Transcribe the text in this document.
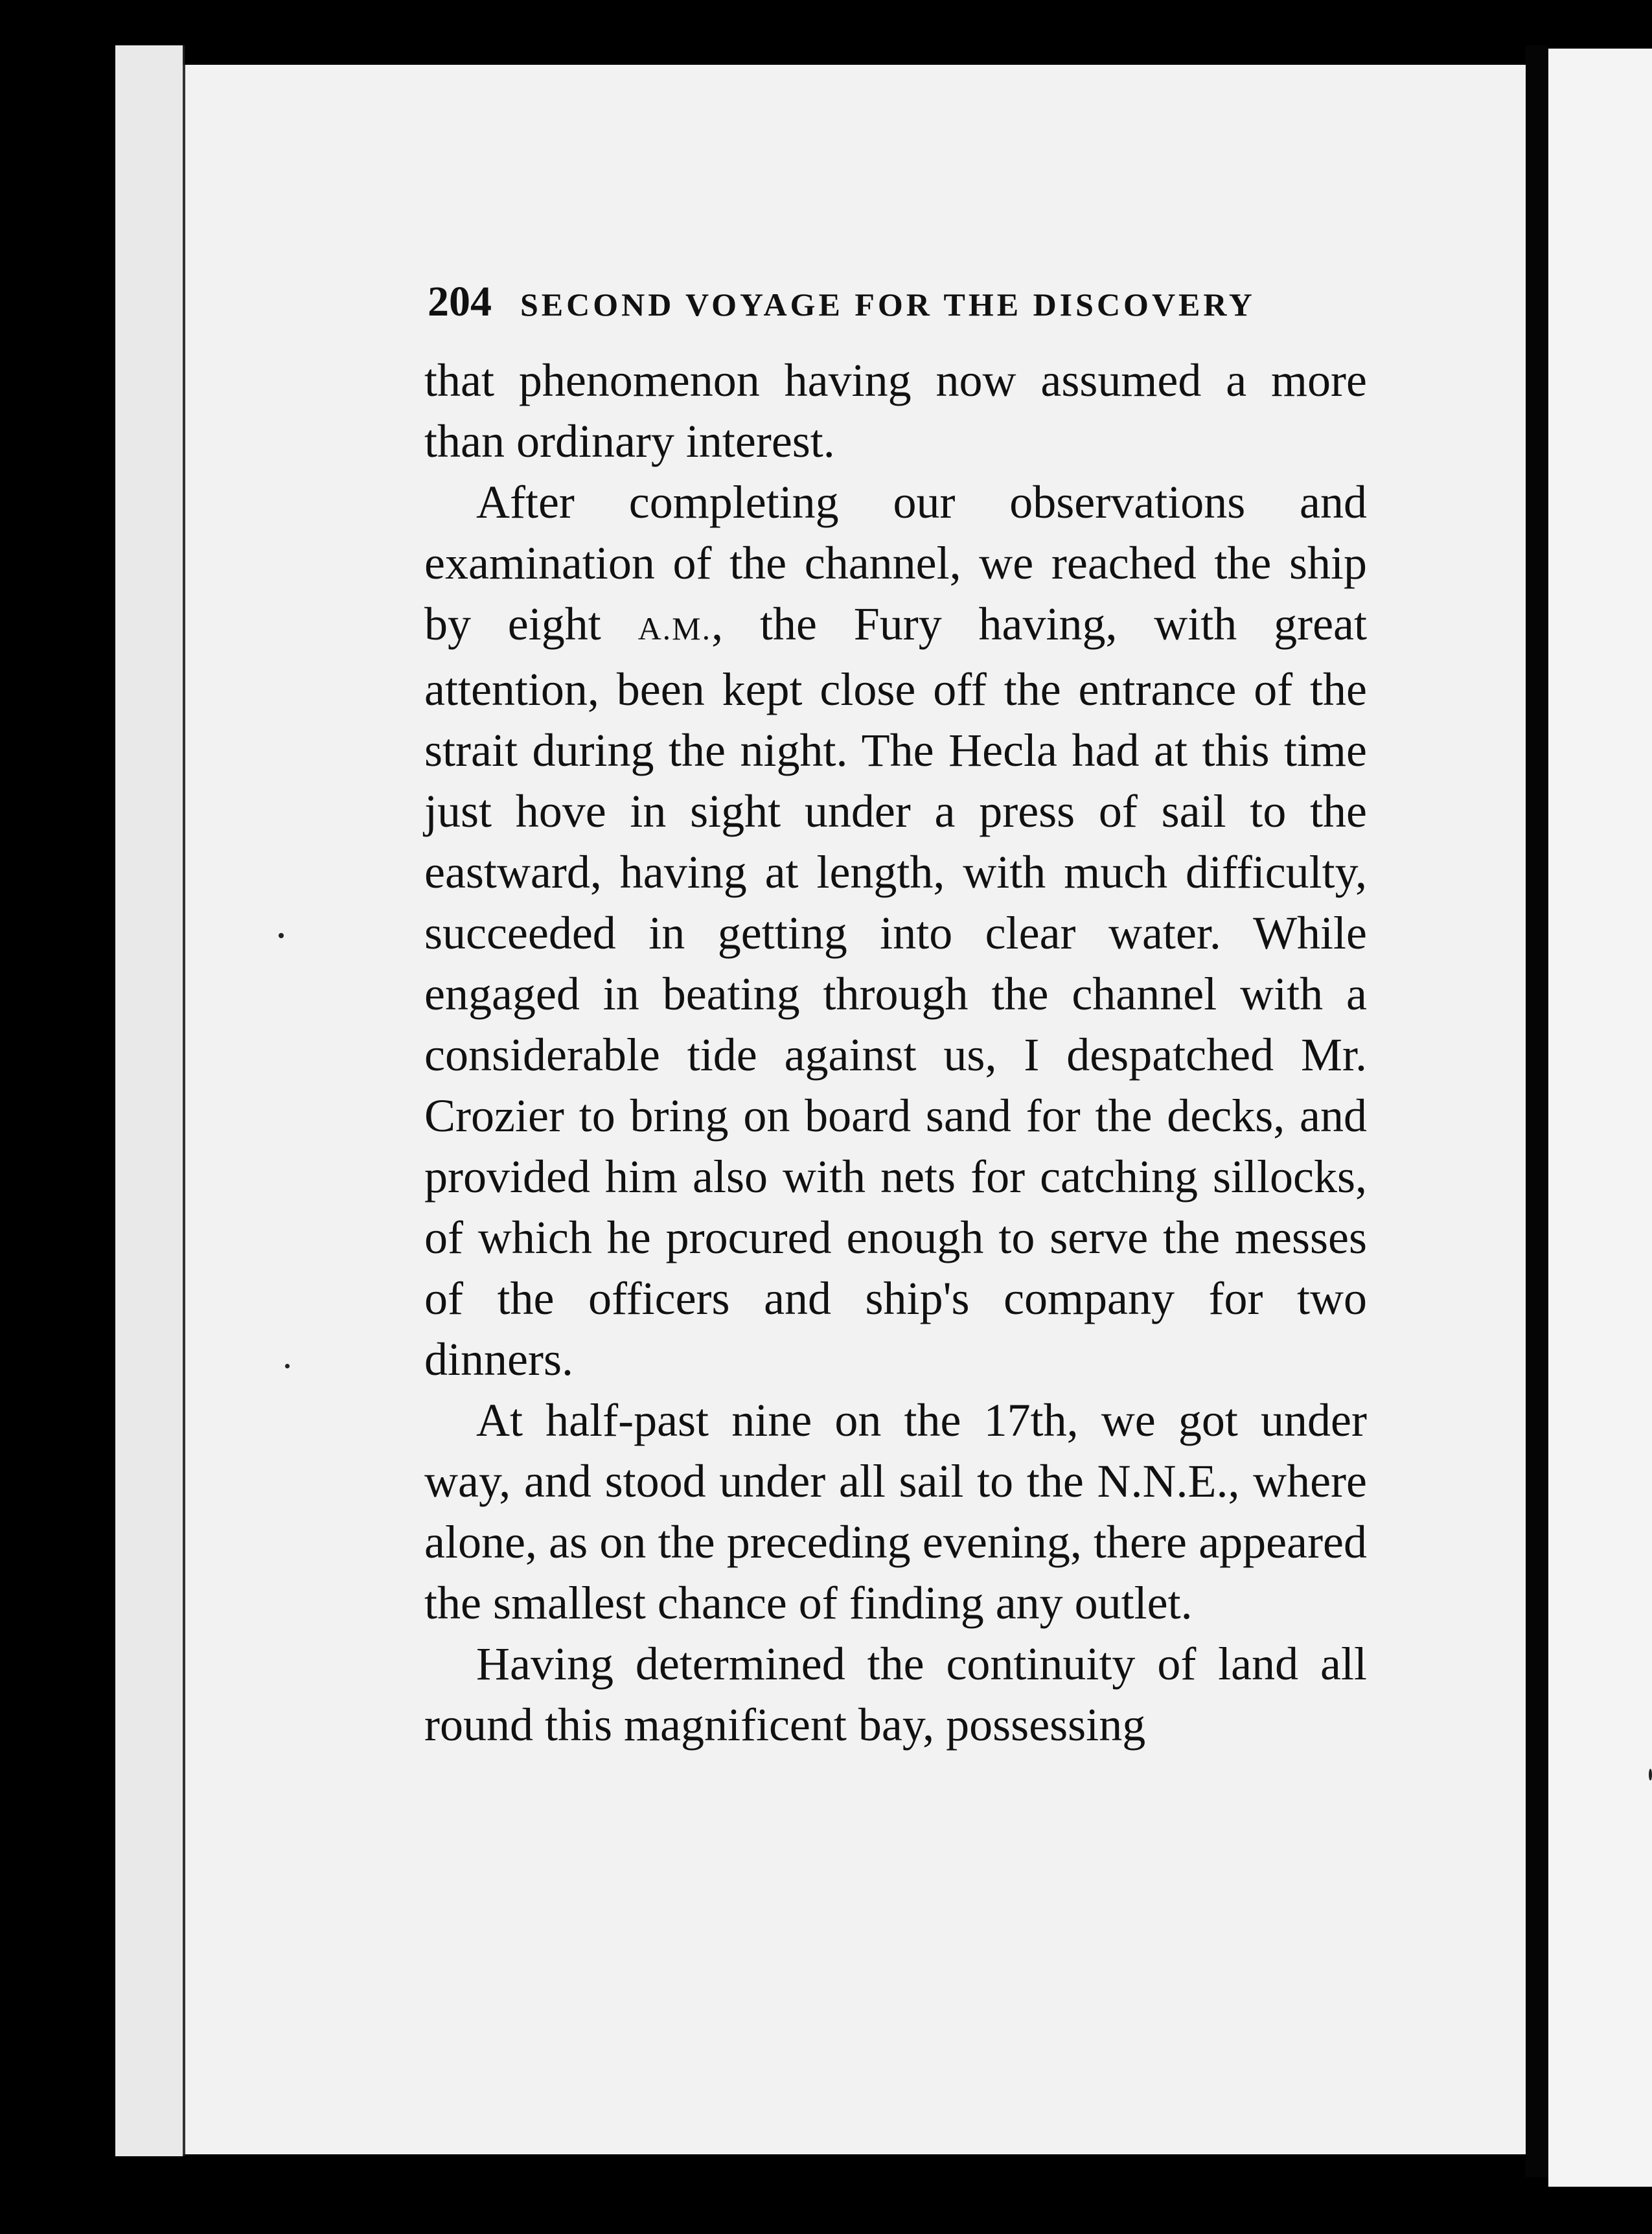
204 SECOND VOYAGE FOR THE DISCOVERY

that phenomenon having now assumed a more than ordinary interest.

After completing our observations and examination of the channel, we reached the ship by eight A.M., the Fury having, with great attention, been kept close off the entrance of the strait during the night. The Hecla had at this time just hove in sight under a press of sail to the eastward, having at length, with much difficulty, succeeded in getting into clear water. While engaged in beating through the channel with a considerable tide against us, I despatched Mr. Crozier to bring on board sand for the decks, and provided him also with nets for catching sillocks, of which he procured enough to serve the messes of the officers and ship's company for two dinners.

At half-past nine on the 17th, we got under way, and stood under all sail to the N.N.E., where alone, as on the preceding evening, there appeared the smallest chance of finding any outlet.

Having determined the continuity of land all round this magnificent bay, possessing
